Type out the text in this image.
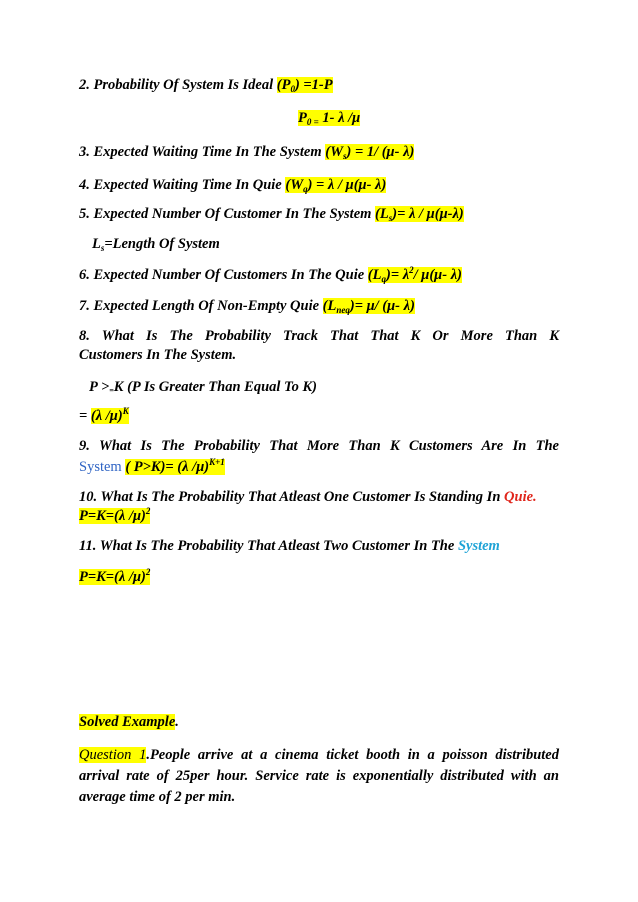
2. Probability Of System Is Ideal $(P_0) =1-P$
$P_{0 =}$ 1- λ /μ
3. Expected Waiting Time In The System $(W_s) = 1/$ (μ- λ)
4. Expected Waiting Time In Quie $(W_q) = \lambda / \mu(\mu-$ λ)
5. Expected Number Of Customer In The System $(L_s)= \lambda / \mu(\mu-\lambda)$
$L_s=Length$ Of System
6. Expected Number Of Customers In The Quie $(L_q)= \lambda^2/$ μ(μ- λ)
7. Expected Length Of Non-Empty Quie $(L_{neq})= \mu/$ (μ- λ)
8. What Is The Probability Track That That K Or More Than K
Customers In The System.
P >=K (P Is Greater Than Equal To K)
= (λ /μ)$^K$
9. What Is The Probability That More Than K Customers Are In The
System ( P>K)= (λ /μ)$^{K+1}$
10. What Is The Probability That Atleast One Customer Is Standing In Quie.
P=K=(λ /μ)$^2$
11. What Is The Probability That Atleast Two Customer In The System
P=K=(λ /μ)$^2$
Solved Example.
Question 1.People arrive at a cinema ticket booth in a poisson distributed
arrival rate of 25per hour. Service rate is exponentially distributed with an
average time of 2 per min.
